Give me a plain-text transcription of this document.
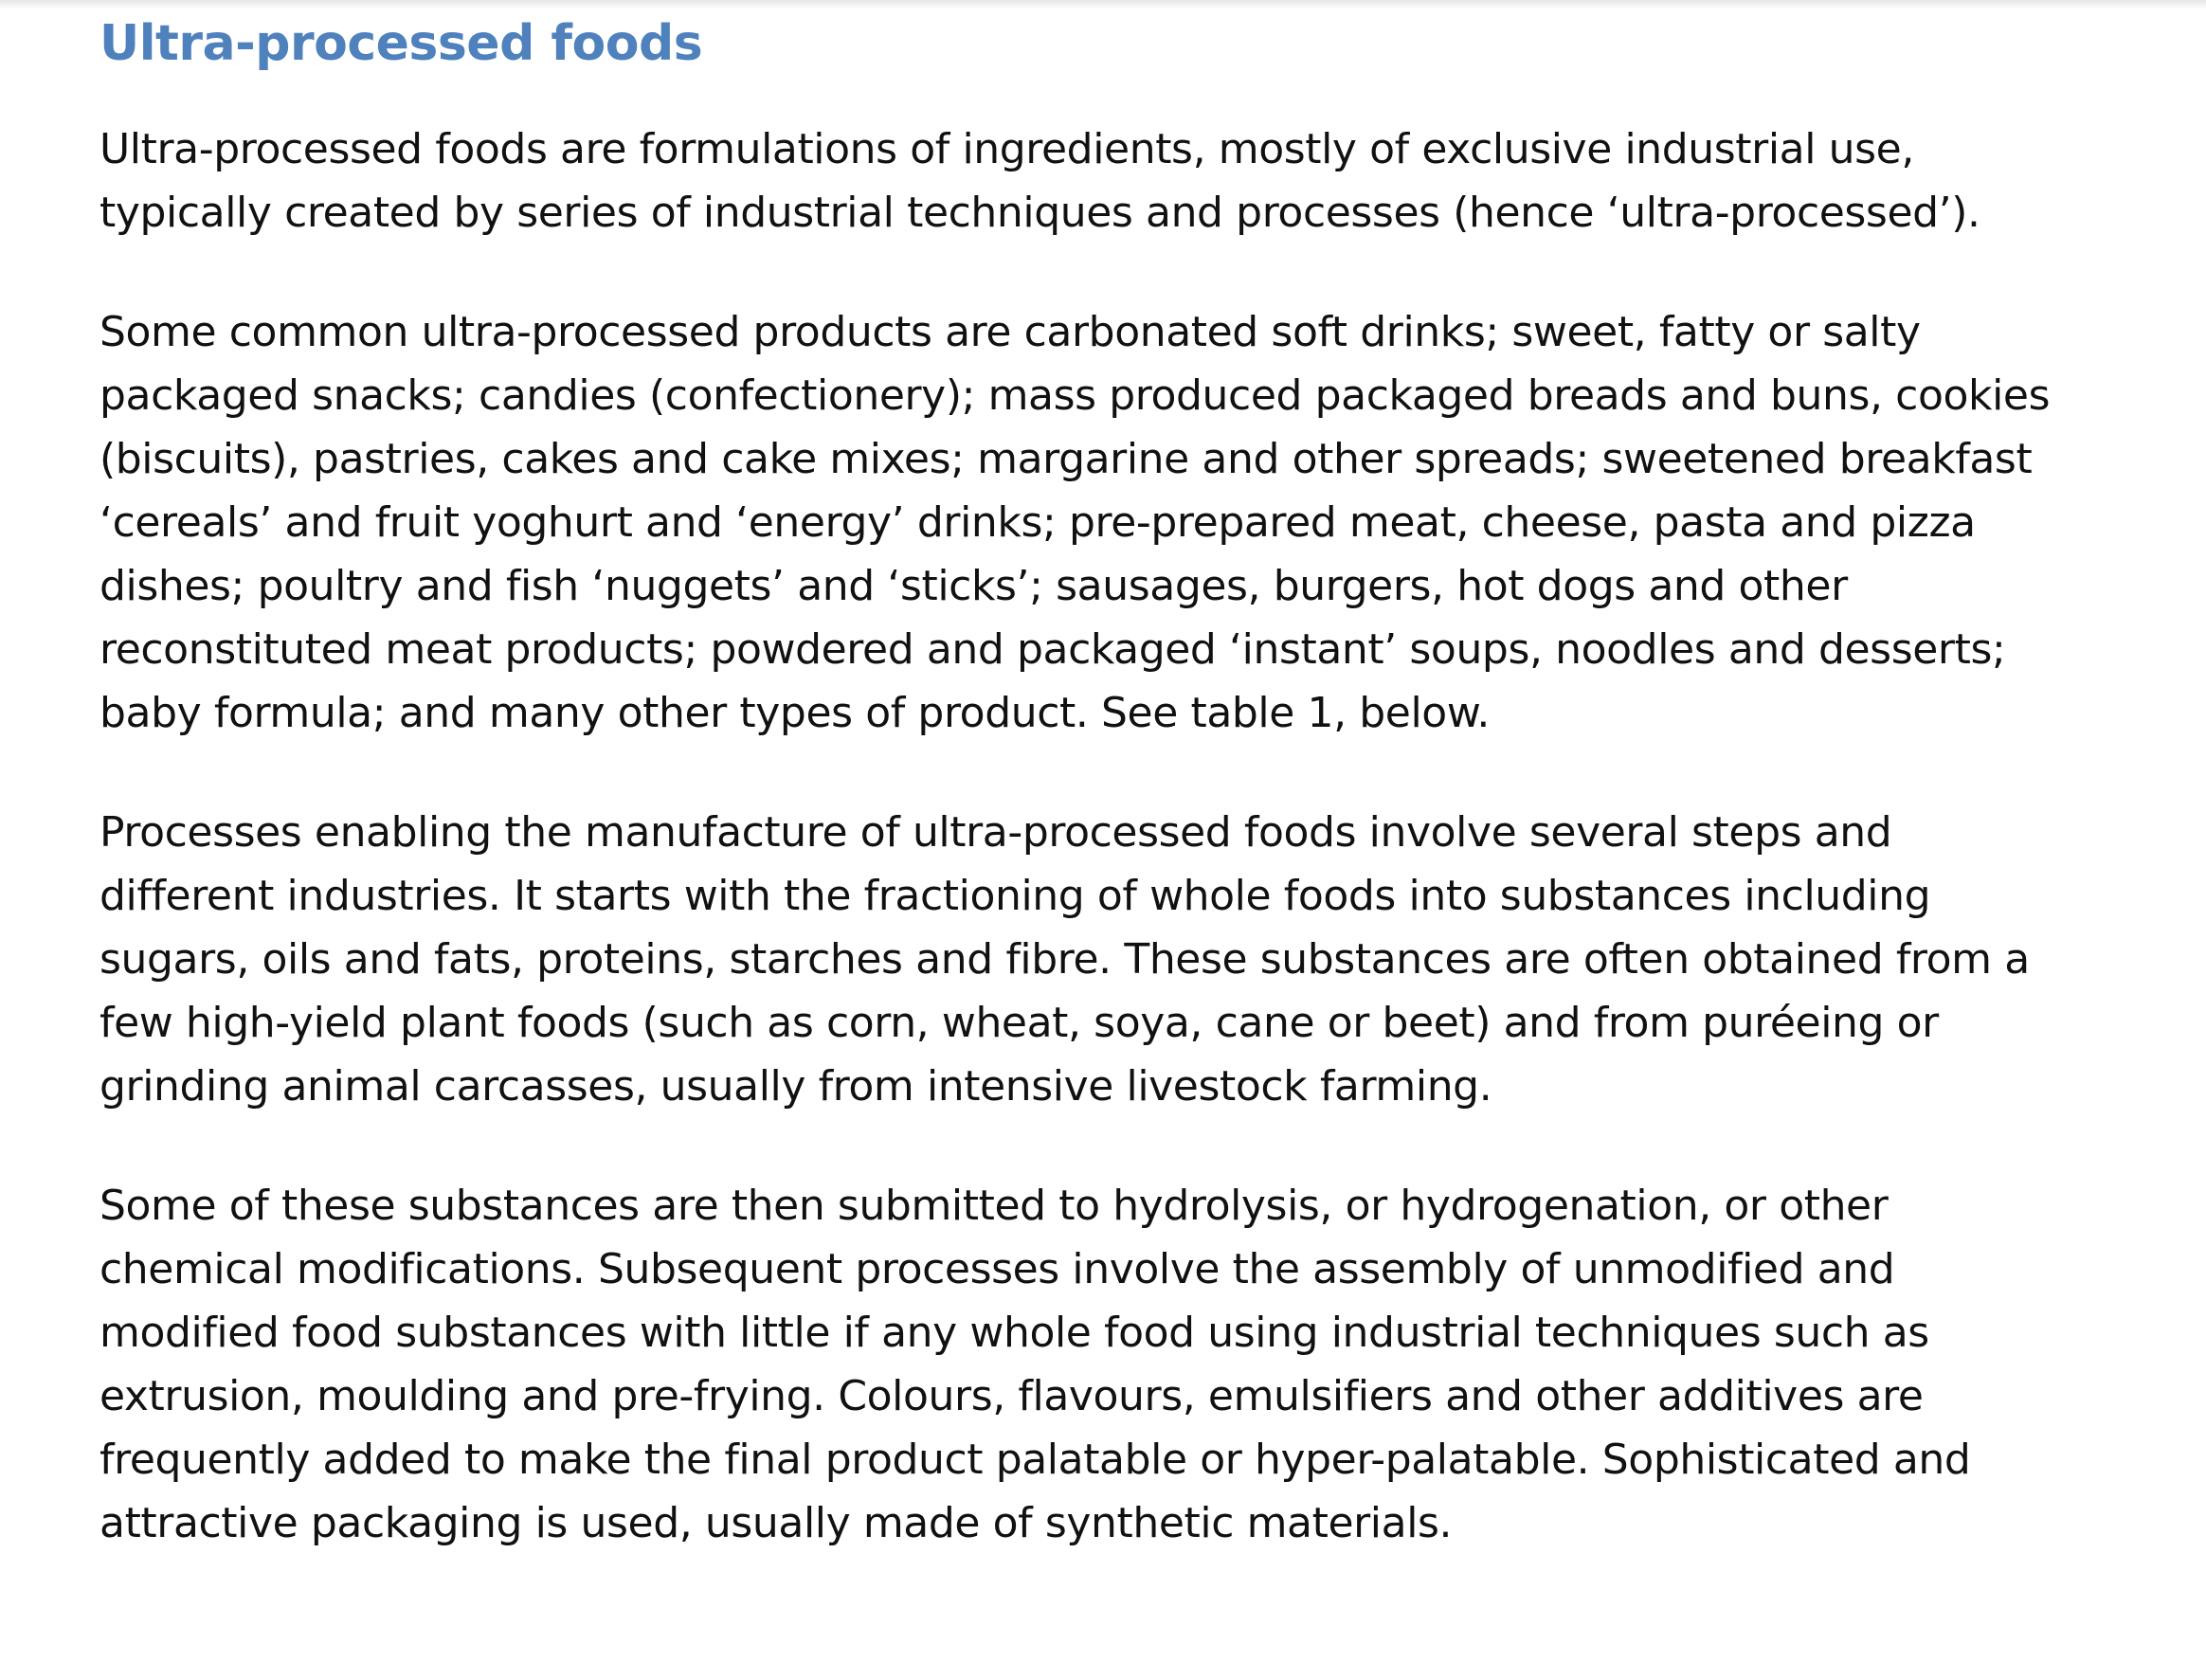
Ultra-processed foods

Ultra-processed foods are formulations of ingredients, mostly of exclusive industrial use,
typically created by series of industrial techniques and processes (hence ‘ultra-processed’).

Some common ultra-processed products are carbonated soft drinks; sweet, fatty or salty
packaged snacks; candies (confectionery); mass produced packaged breads and buns, cookies
(biscuits), pastries, cakes and cake mixes; margarine and other spreads; sweetened breakfast
‘cereals’ and fruit yoghurt and ‘energy’ drinks; pre-prepared meat, cheese, pasta and pizza
dishes; poultry and fish ‘nuggets’ and ‘sticks’; sausages, burgers, hot dogs and other
reconstituted meat products; powdered and packaged ‘instant’ soups, noodles and desserts;
baby formula; and many other types of product. See table 1, below.

Processes enabling the manufacture of ultra-processed foods involve several steps and
different industries. It starts with the fractioning of whole foods into substances including
sugars, oils and fats, proteins, starches and fibre. These substances are often obtained from a
few high-yield plant foods (such as corn, wheat, soya, cane or beet) and from puréeing or
grinding animal carcasses, usually from intensive livestock farming.

Some of these substances are then submitted to hydrolysis, or hydrogenation, or other
chemical modifications. Subsequent processes involve the assembly of unmodified and
modified food substances with little if any whole food using industrial techniques such as
extrusion, moulding and pre-frying. Colours, flavours, emulsifiers and other additives are
frequently added to make the final product palatable or hyper-palatable. Sophisticated and
attractive packaging is used, usually made of synthetic materials.
